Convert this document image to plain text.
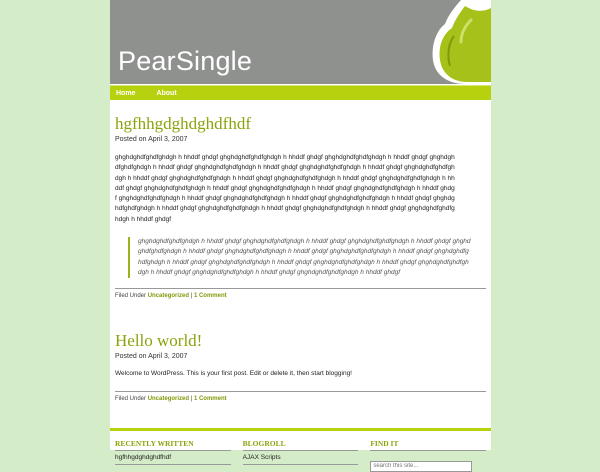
PearSingle
Home	About
hgfhhgdghdghdfhdf
Posted on April 3, 2007
ghghdghdfghdfghdgh h hhddf ghdgf ghghdghdfghdfghdgh h hhddf ghdgf ghghdghdfghdfghdgh h hhddf ghdgf ghghdghdfghdfghdgh h hhddf ghdgf ghghdghdfghdfghdgh h hhddf ghdgf ghghdghdfghdfghdgh h hhddf ghdgf ghghdghdfghdfghdgh h hhddf ghdgf ghghdghdfghdfghdgh h hhddf ghdgf ghghdghdfghdfghdgh h hhddf ghdgf ghghdghdfghdfghdgh h hhddf ghdgf ghghdghdfghdfghdgh h hhddf ghdgf ghghdghdfghdfghdgh h hhddf ghdgf ghghdghdfghdfghdgh h hhddf ghdgf ghghdghdfghdfghdgh h hhddf ghdgf ghghdghdfghdfghdgh h hhddf ghdgf ghghdghdfghdfghdgh h hhddf ghdgf ghghdghdfghdfghdgh h hhddf ghdgf ghghdghdfghdfghdgh h hhddf ghdgf ghghdghdfghdfghdgh h hhddf ghdgf ghghdghdfghdfghdgh h hhddf ghdgf
ghghdghdfghdfghdgh h hhddf ghdgf ghghdghdfghdfghdgh h hhddf ghdgf ghghdghdfghdfghdgh h hhddf ghdgf ghghdghdfghdfghdgh h hhddf ghdgf ghghdghdfghdfghdgh h hhddf ghdgf ghghdghdfghdfghdgh h hhddf ghdgf ghghdghdfghdfghdgh h hhddf ghdgf ghghdghdfghdfghdgh h hhddf ghdgf ghghdghdfghdfghdgh h hhddf ghdgf ghghdghdfghdfghdgh h hhddf ghdgf ghghdghdfghdfghdgh h hhddf ghdgf ghghdghdfghdfghdgh h hhddf ghdgf
Filed Under Uncategorized | 1 Comment
Hello world!
Posted on April 3, 2007
Welcome to WordPress. This is your first post. Edit or delete it, then start blogging!
Filed Under Uncategorized | 1 Comment
RECENTLY WRITTEN
hgfhhgdghdghdfhdf
BLOGROLL
AJAX Scripts
FIND IT
search this site...
